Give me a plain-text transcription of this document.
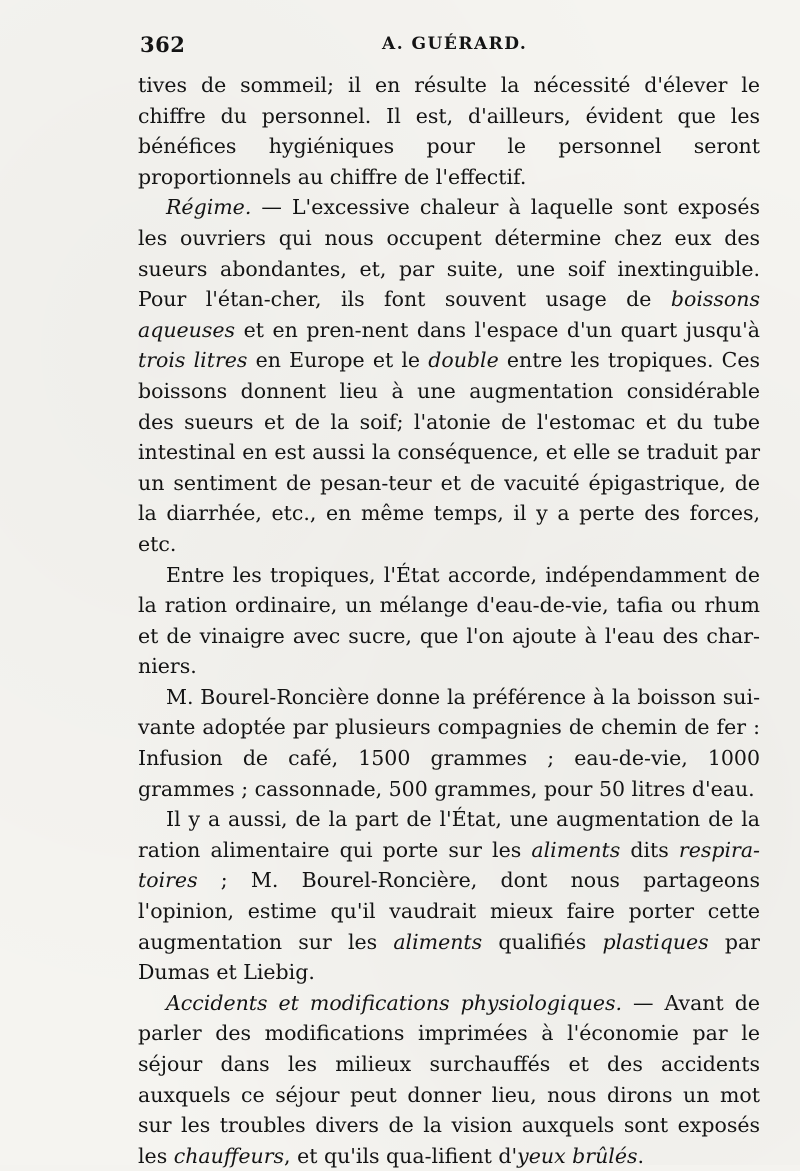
362	A. GUÉRARD.

tives de sommeil; il en résulte la nécessité d'élever le chiffre du personnel. Il est, d'ailleurs, évident que les bénéfices hygiéniques pour le personnel seront proportionnels au chiffre de l'effectif.

Régime. — L'excessive chaleur à laquelle sont exposés les ouvriers qui nous occupent détermine chez eux des sueurs abondantes, et, par suite, une soif inextinguible. Pour l'étan-cher, ils font souvent usage de boissons aqueuses et en pren-nent dans l'espace d'un quart jusqu'à trois litres en Europe et le double entre les tropiques. Ces boissons donnent lieu à une augmentation considérable des sueurs et de la soif; l'atonie de l'estomac et du tube intestinal en est aussi la conséquence, et elle se traduit par un sentiment de pesan-teur et de vacuité épigastrique, de la diarrhée, etc., en même temps, il y a perte des forces, etc.

Entre les tropiques, l'État accorde, indépendamment de la ration ordinaire, un mélange d'eau-de-vie, tafia ou rhum et de vinaigre avec sucre, que l'on ajoute à l'eau des char-niers.

M. Bourel-Roncière donne la préférence à la boisson sui-vante adoptée par plusieurs compagnies de chemin de fer : Infusion de café, 1500 grammes ; eau-de-vie, 1000 grammes ; cassonnade, 500 grammes, pour 50 litres d'eau.

Il y a aussi, de la part de l'État, une augmentation de la ration alimentaire qui porte sur les aliments dits respira-toires ; M. Bourel-Roncière, dont nous partageons l'opinion, estime qu'il vaudrait mieux faire porter cette augmentation sur les aliments qualifiés plastiques par Dumas et Liebig.

Accidents et modifications physiologiques. — Avant de parler des modifications imprimées à l'économie par le séjour dans les milieux surchauffés et des accidents auxquels ce séjour peut donner lieu, nous dirons un mot sur les troubles divers de la vision auxquels sont exposés les chauffeurs, et qu'ils qua-lifient d'yeux brûlés.
